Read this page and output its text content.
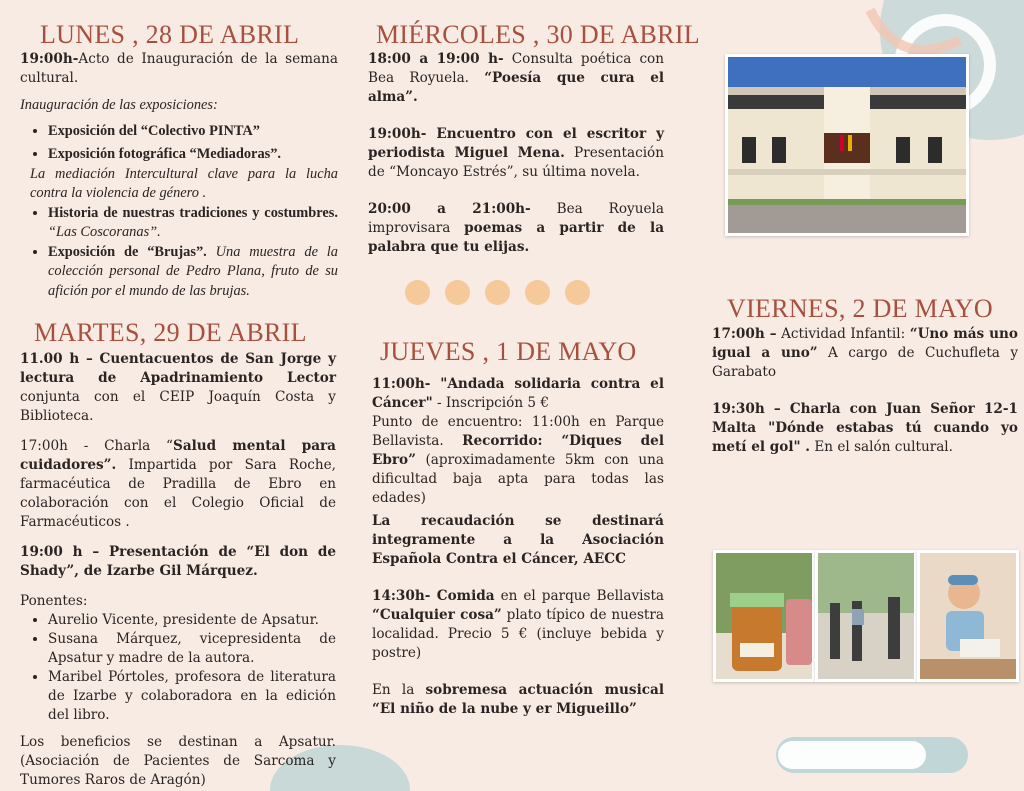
LUNES , 28 DE ABRIL

19:00h-Acto de Inauguración de la semana cultural.

Inauguración de las exposiciones:

• Exposición del “Colectivo PINTA”
• Exposición fotográfica “Mediadoras”.

La mediación Intercultural clave para la lucha contra la violencia de género .

• Historia de nuestras tradiciones y costumbres. “Las Coscoranas”.
• Exposición de “Brujas”. Una muestra de la colección personal de Pedro Plana, fruto de su afición por el mundo de las brujas.
MARTES, 29 DE ABRIL

11.00 h – Cuentacuentos de San Jorge y lectura de Apadrinamiento Lector conjunta con el CEIP Joaquín Costa y Biblioteca.

17:00h - Charla “Salud mental para cuidadores”. Impartida por Sara Roche, farmacéutica de Pradilla de Ebro en colaboración con el Colegio Oficial de Farmacéuticos .

19:00 h – Presentación de “El don de Shady”, de Izarbe Gil Márquez.

Ponentes:

• Aurelio Vicente, presidente de Apsatur.
• Susana Márquez, vicepresidenta de Apsatur y madre de la autora.
• Maribel Pórtoles, profesora de literatura de Izarbe y colaboradora en la edición del libro.

Los beneficios se destinan a Apsatur. (Asociación de Pacientes de Sarcoma y Tumores Raros de Aragón)

MIÉRCOLES , 30 DE ABRIL

18:00 a 19:00 h- Consulta poética con Bea Royuela. “Poesía que cura el alma”.

19:00h- Encuentro con el escritor y periodista Miguel Mena. Presentación de “Moncayo Estrés”, su última novela.

20:00 a 21:00h- Bea Royuela improvisara poemas a partir de la palabra que tu elijas.

JUEVES , 1 DE MAYO

11:00h- "Andada solidaria contra el Cáncer" - Inscripción 5 €

Punto de encuentro: 11:00h en Parque Bellavista. Recorrido: “Diques del Ebro” (aproximadamente 5km con una dificultad baja apta para todas las edades)

La recaudación se destinará integramente a la Asociación Española Contra el Cáncer, AECC

14:30h- Comida en el parque Bellavista “Cualquier cosa” plato típico de nuestra localidad. Precio 5 € (incluye bebida y postre)

En la sobremesa actuación musical “El niño de la nube y er Migueillo”

VIERNES, 2 DE MAYO

17:00h – Actividad Infantil: “Uno más uno igual a uno” A cargo de Cuchufleta y Garabato

19:30h – Charla con Juan Señor 12-1 Malta "Dónde estabas tú cuando yo metí el gol" . En el salón cultural.
